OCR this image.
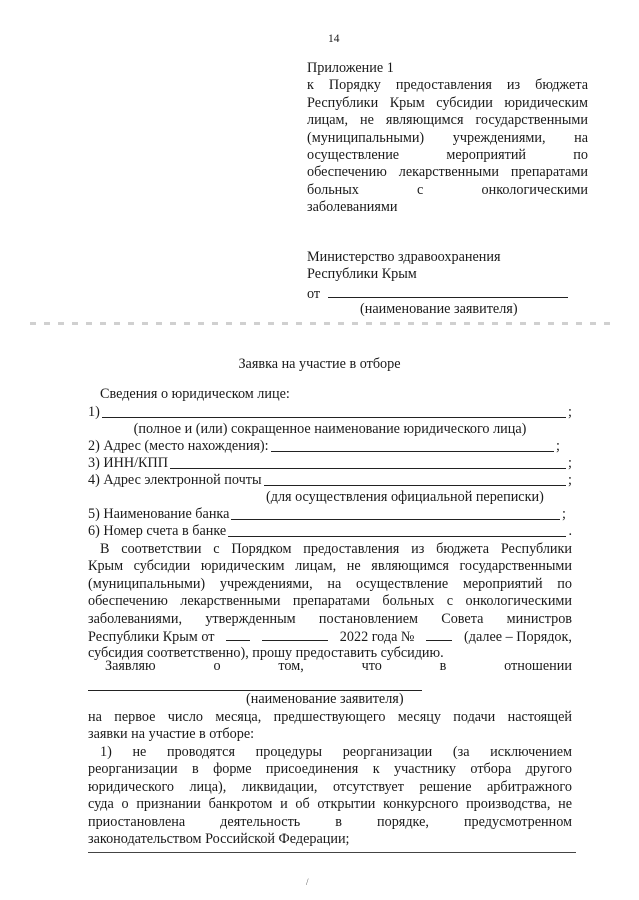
14
Приложение 1
к Порядку предоставления из бюджета
Республики Крым субсидии юридическим
лицам, не являющимся государственными
(муниципальными) учреждениями, на
осуществление мероприятий по
обеспечению лекарственными препаратами
больных с онкологическими
заболеваниями
Министерство здравоохранения
Республики Крым
от
(наименование заявителя)
Заявка на участие в отборе
Сведения о юридическом лице:
1)	;
(полное и (или) сокращенное наименование юридического лица)
2) Адрес (место нахождения):	;
3) ИНН/КПП	;
4) Адрес электронной почты	;
(для осуществления официальной переписки)
5) Наименование банка	;
6) Номер счета в банке	.
В соответствии с Порядком предоставления из бюджета Республики
Крым субсидии юридическим лицам, не являющимся государственными
(муниципальными) учреждениями, на осуществление мероприятий по
обеспечению лекарственными препаратами больных с онкологическими
заболеваниями, утвержденным постановлением Совета министров
Республики Крым от	2022 года №	(далее – Порядок,
субсидия соответственно), прошу предоставить субсидию.
Заявляю	о	том,	что	в	отношении
(наименование заявителя)
на первое число месяца, предшествующего месяцу подачи настоящей
заявки на участие в отборе:
1) не проводятся процедуры реорганизации (за исключением
реорганизации в форме присоединения к участнику отбора другого
юридического лица), ликвидации, отсутствует решение арбитражного
суда о признании банкротом и об открытии конкурсного производства, не
приостановлена деятельность в порядке, предусмотренном
законодательством Российской Федерации;
/
